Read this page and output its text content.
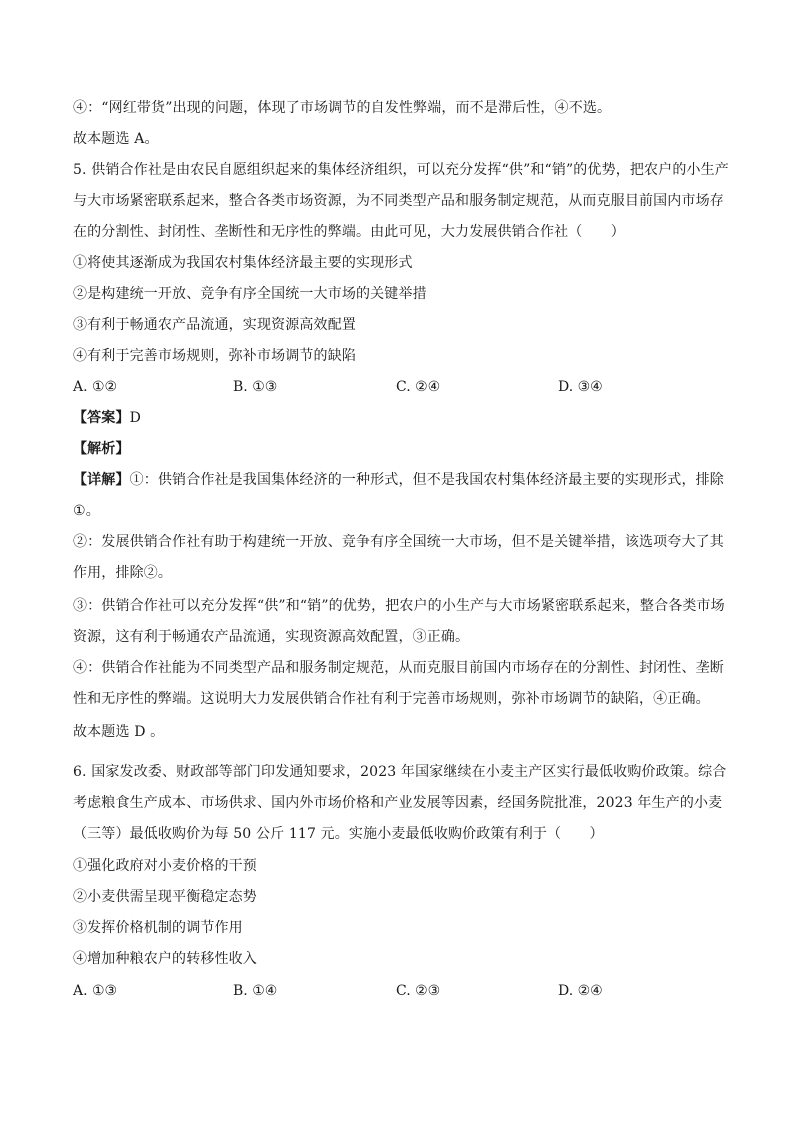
④：“网红带货”出现的问题，体现了市场调节的自发性弊端，而不是滞后性，④不选。
故本题选 A。
5. 供销合作社是由农民自愿组织起来的集体经济组织，可以充分发挥“供”和“销”的优势，把农户的小生产
与大市场紧密联系起来，整合各类市场资源，为不同类型产品和服务制定规范，从而克服目前国内市场存
在的分割性、封闭性、垄断性和无序性的弊端。由此可见，大力发展供销合作社（　　）
①将使其逐渐成为我国农村集体经济最主要的实现形式
②是构建统一开放、竞争有序全国统一大市场的关键举措
③有利于畅通农产品流通，实现资源高效配置
④有利于完善市场规则，弥补市场调节的缺陷
A. ①②	B. ①③	C. ②④	D. ③④
【答案】D
【解析】
【详解】①：供销合作社是我国集体经济的一种形式，但不是我国农村集体经济最主要的实现形式，排除
①。
②：发展供销合作社有助于构建统一开放、竞争有序全国统一大市场，但不是关键举措，该选项夸大了其
作用，排除②。
③：供销合作社可以充分发挥“供”和“销”的优势，把农户的小生产与大市场紧密联系起来，整合各类市场
资源，这有利于畅通农产品流通，实现资源高效配置，③正确。
④：供销合作社能为不同类型产品和服务制定规范，从而克服目前国内市场存在的分割性、封闭性、垄断
性和无序性的弊端。这说明大力发展供销合作社有利于完善市场规则，弥补市场调节的缺陷，④正确。
故本题选 D 。
6. 国家发改委、财政部等部门印发通知要求，2023 年国家继续在小麦主产区实行最低收购价政策。综合
考虑粮食生产成本、市场供求、国内外市场价格和产业发展等因素，经国务院批准，2023 年生产的小麦
（三等）最低收购价为每 50 公斤 117 元。实施小麦最低收购价政策有利于（　　）
①强化政府对小麦价格的干预
②小麦供需呈现平衡稳定态势
③发挥价格机制的调节作用
④增加种粮农户的转移性收入
A. ①③	B. ①④	C. ②③	D. ②④
